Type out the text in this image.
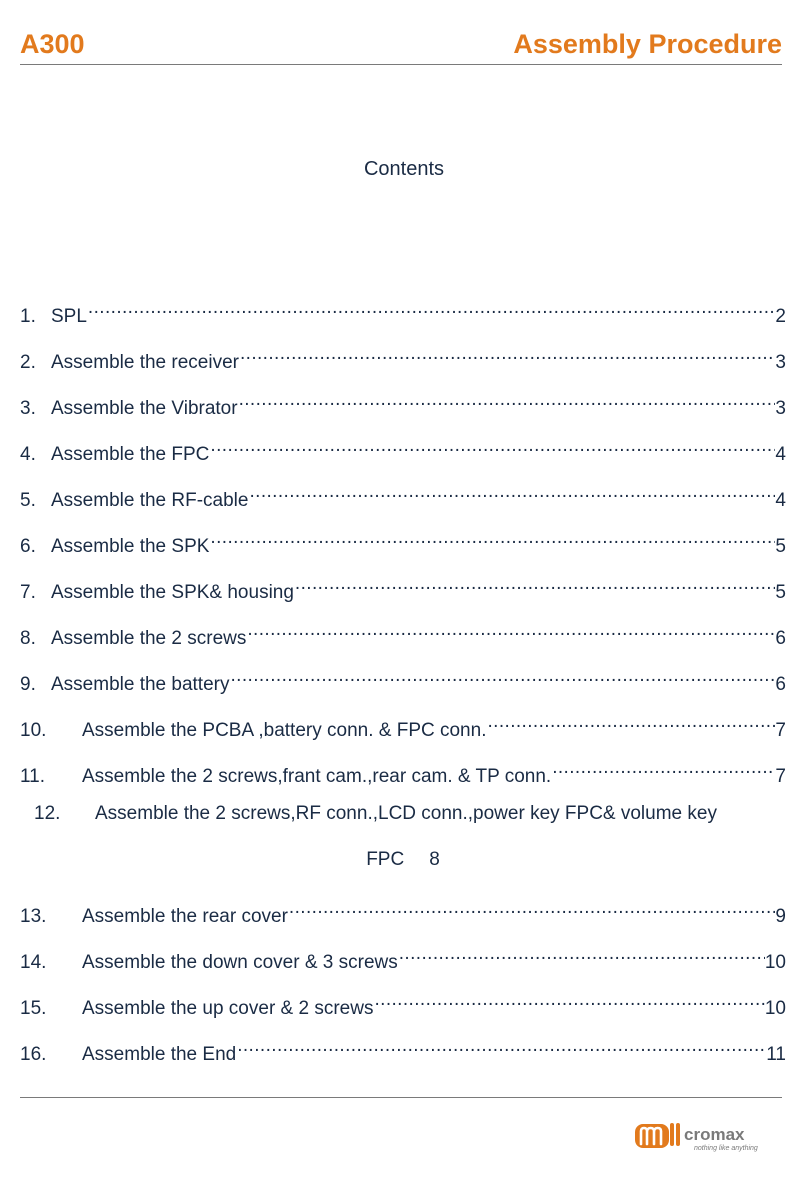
A300	Assembly Procedure
Contents
1. SPL .....	2
2. Assemble the receiver .....	3
3. Assemble the Vibrator .....	3
4. Assemble the FPC .....	4
5. Assemble the RF-cable .....	4
6. Assemble the SPK .....	5
7. Assemble the SPK& housing .....	5
8. Assemble the 2 screws .....	6
9. Assemble the battery .....	6
10.	Assemble the PCBA ,battery conn. & FPC conn. .....	7
11.	Assemble the 2 screws,frant cam.,rear cam. & TP conn. .....	7
12. Assemble the 2 screws,RF conn.,LCD conn.,power key FPC& volume key
FPC 8
13.	Assemble the rear cover .....	9
14.	Assemble the down cover & 3 screws .....	10
15.	Assemble the up cover & 2 screws .....	10
16.	Assemble the End .....	11
cromax
nothing like anything
